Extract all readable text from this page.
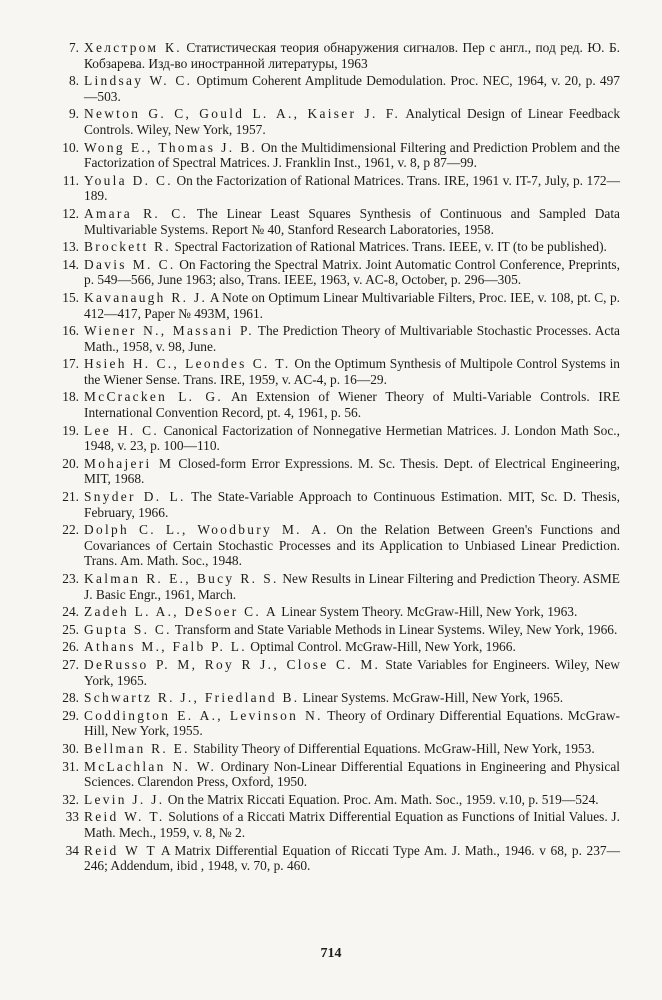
7. Хелстром К. Статистическая теория обнаружения сигналов. Пер с англ., под ред. Ю. Б. Кобзарева. Изд-во иностранной литературы, 1963
8. Lindsay W. C. Optimum Coherent Amplitude Demodulation. Proc. NEC, 1964, v. 20, p. 497—503.
9. Newton G. C, Gould L. A., Kaiser J. F. Analytical Design of Linear Feedback Controls. Wiley, New York, 1957.
10. Wong E., Thomas J. B. On the Multidimensional Filtering and Prediction Problem and the Factorization of Spectral Matrices. J. Franklin Inst., 1961, v. 8, p 87—99.
11. Youla D. C. On the Factorization of Rational Matrices. Trans. IRE, 1961 v. IT-7, July, p. 172—189.
12. Amara R. C. The Linear Least Squares Synthesis of Continuous and Sampled Data Multivariable Systems. Report № 40, Stanford Research Laboratories, 1958.
13. Brockett R. Spectral Factorization of Rational Matrices. Trans. IEEE, v. IT (to be published).
14. Davis M. C. On Factoring the Spectral Matrix. Joint Automatic Control Conference, Preprints, p. 549—566, June 1963; also, Trans. IEEE, 1963, v. AC-8, October, p. 296—305.
15. Kavanaugh R. J. A Note on Optimum Linear Multivariable Filters, Proc. IEE, v. 108, pt. C, p. 412—417, Paper № 493M, 1961.
16. Wiener N., Massani P. The Prediction Theory of Multivariable Stochastic Processes. Acta Math., 1958, v. 98, June.
17. Hsieh H. C., Leondes C. T. On the Optimum Synthesis of Multipole Control Systems in the Wiener Sense. Trans. IRE, 1959, v. AC-4, p. 16—29.
18. McCracken L. G. An Extension of Wiener Theory of Multi-Variable Controls. IRE International Convention Record, pt. 4, 1961, p. 56.
19. Lee H. C. Canonical Factorization of Nonnegative Hermetian Matrices. J. London Math Soc., 1948, v. 23, p. 100—110.
20. Mohajeri M Closed-form Error Expressions. M. Sc. Thesis. Dept. of Electrical Engineering, MIT, 1968.
21. Snyder D. L. The State-Variable Approach to Continuous Estimation. MIT, Sc. D. Thesis, February, 1966.
22. Dolph C. L., Woodbury M. A. On the Relation Between Green's Functions and Covariances of Certain Stochastic Processes and its Application to Unbiased Linear Prediction. Trans. Am. Math. Soc., 1948.
23. Kalman R. E., Bucy R. S. New Results in Linear Filtering and Prediction Theory. ASME J. Basic Engr., 1961, March.
24. Zadeh L. A., DeSoer C. A Linear System Theory. McGraw-Hill, New York, 1963.
25. Gupta S. C. Transform and State Variable Methods in Linear Systems. Wiley, New York, 1966.
26. Athans M., Falb P. L. Optimal Control. McGraw-Hill, New York, 1966.
27. DeRusso P. M, Roy R J., Close C. M. State Variables for Engineers. Wiley, New York, 1965.
28. Schwartz R. J., Friedland B. Linear Systems. McGraw-Hill, New York, 1965.
29. Coddington E. A., Levinson N. Theory of Ordinary Differential Equations. McGraw-Hill, New York, 1955.
30. Bellman R. E. Stability Theory of Differential Equations. McGraw-Hill, New York, 1953.
31. McLachlan N. W. Ordinary Non-Linear Differential Equations in Engineering and Physical Sciences. Clarendon Press, Oxford, 1950.
32. Levin J. J. On the Matrix Riccati Equation. Proc. Am. Math. Soc., 1959. v.10, p. 519—524.
33 Reid W. T. Solutions of a Riccati Matrix Differential Equation as Functions of Initial Values. J. Math. Mech., 1959, v. 8, № 2.
34 Reid W T A Matrix Differential Equation of Riccati Type Am. J. Math., 1946. v 68, p. 237—246; Addendum, ibid , 1948, v. 70, p. 460.
714
